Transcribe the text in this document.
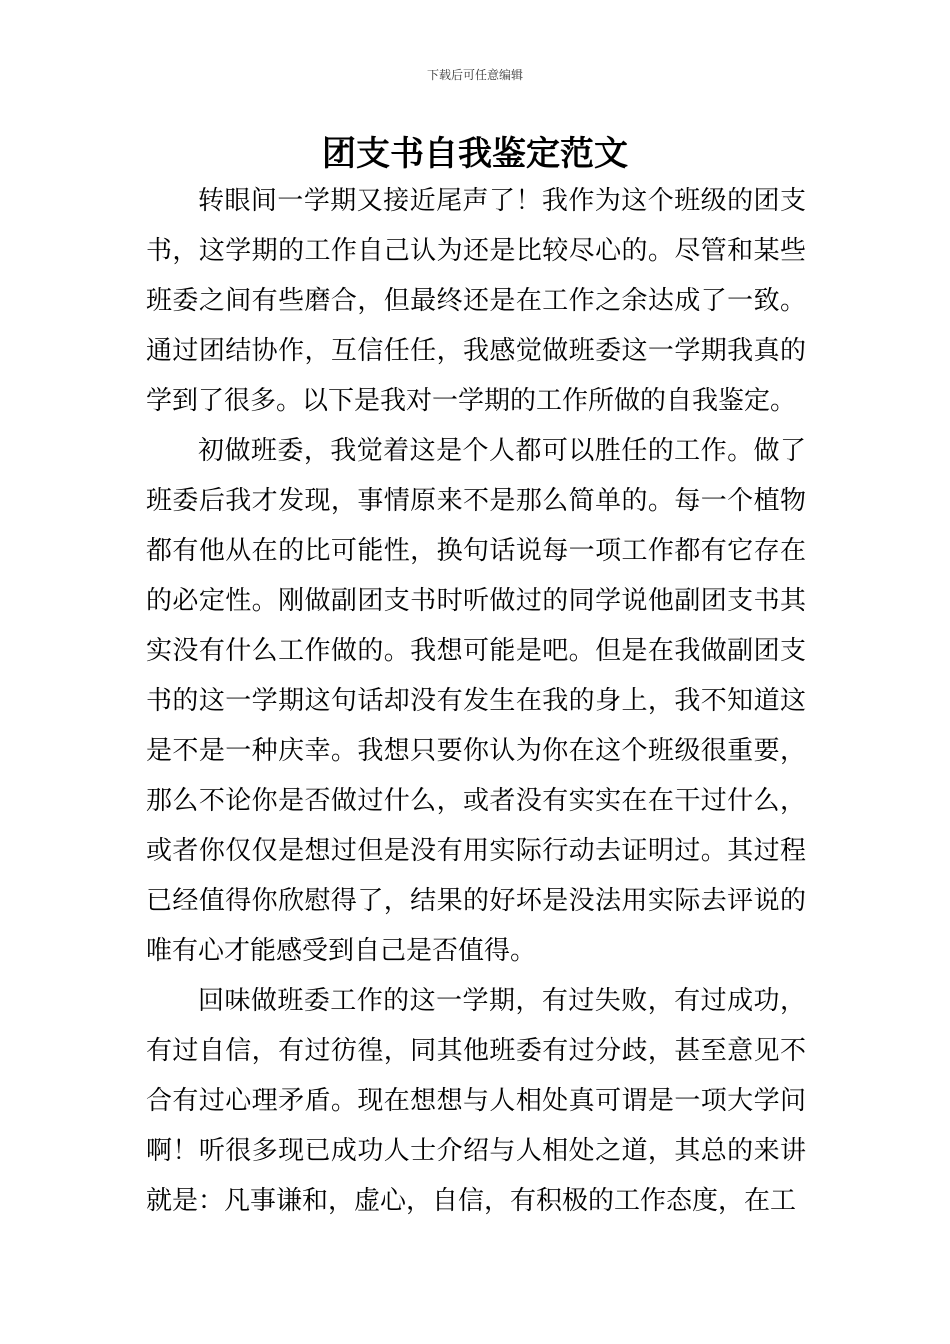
下载后可任意编辑
团支书自我鉴定范文

转眼间一学期又接近尾声了！我作为这个班级的团支书，这学期的工作自己认为还是比较尽心的。尽管和某些班委之间有些磨合，但最终还是在工作之余达成了一致。通过团结协作，互信任任，我感觉做班委这一学期我真的学到了很多。以下是我对一学期的工作所做的自我鉴定。

初做班委，我觉着这是个人都可以胜任的工作。做了班委后我才发现，事情原来不是那么简单的。每一个植物都有他从在的比可能性，换句话说每一项工作都有它存在的必定性。刚做副团支书时听做过的同学说他副团支书其实没有什么工作做的。我想可能是吧。但是在我做副团支书的这一学期这句话却没有发生在我的身上，我不知道这是不是一种庆幸。我想只要你认为你在这个班级很重要，那么不论你是否做过什么，或者没有实实在在干过什么，或者你仅仅是想过但是没有用实际行动去证明过。其过程已经值得你欣慰得了，结果的好坏是没法用实际去评说的唯有心才能感受到自己是否值得。

回味做班委工作的这一学期，有过失败，有过成功，有过自信，有过彷徨，同其他班委有过分歧，甚至意见不合有过心理矛盾。现在想想与人相处真可谓是一项大学问啊！听很多现已成功人士介绍与人相处之道，其总的来讲就是：凡事谦和，虚心，自信，有积极的工作态度，在工
